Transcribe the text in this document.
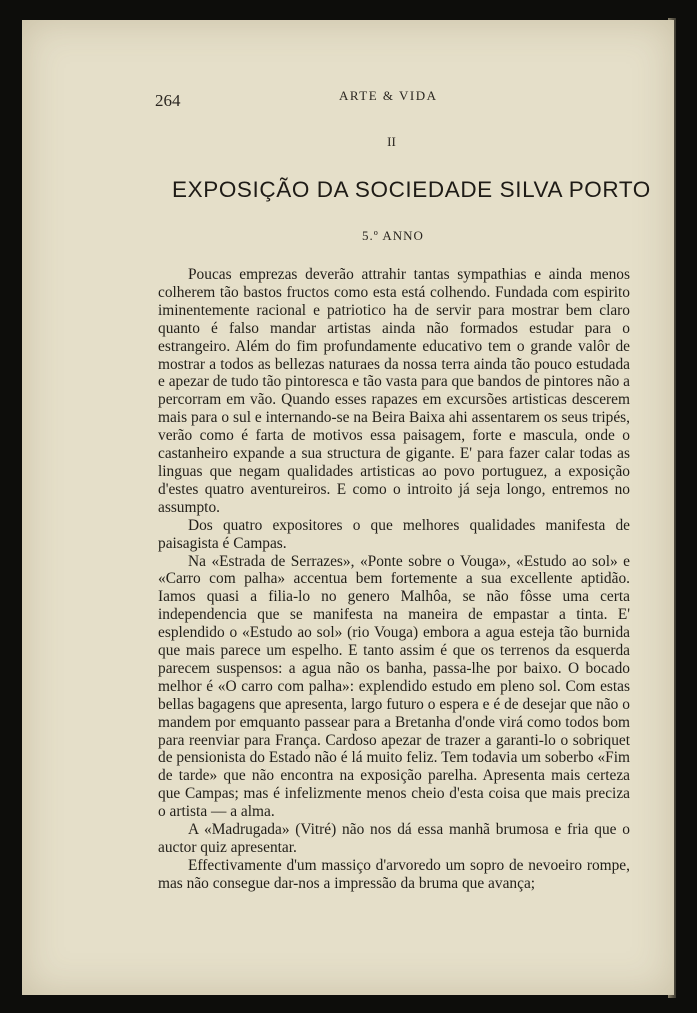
264	ARTE & VIDA
II
EXPOSIÇÃO DA SOCIEDADE SILVA PORTO
5.º ANNO

Poucas emprezas deverão attrahir tantas sympathias e ainda menos colherem tão bastos fructos como esta está colhendo. Fundada com espirito iminentemente racional e patriotico ha de servir para mostrar bem claro quanto é falso mandar artistas ainda não formados estudar para o estrangeiro. Além do fim profundamente educativo tem o grande valôr de mostrar a todos as bellezas naturaes da nossa terra ainda tão pouco estudada e apezar de tudo tão pintoresca e tão vasta para que bandos de pintores não a percorram em vão. Quando esses rapazes em excursões artisticas descerem mais para o sul e internando-se na Beira Baixa ahi assentarem os seus tripés, verão como é farta de motivos essa paisagem, forte e mascula, onde o castanheiro expande a sua structura de gigante. E' para fazer calar todas as linguas que negam qualidades artisticas ao povo portuguez, a exposição d'estes quatro aventureiros. E como o introito já seja longo, entremos no assumpto.

Dos quatro expositores o que melhores qualidades manifesta de paisagista é Campas.

Na «Estrada de Serrazes», «Ponte sobre o Vouga», «Estudo ao sol» e «Carro com palha» accentua bem fortemente a sua excellente aptidão. Iamos quasi a filia-lo no genero Malhôa, se não fôsse uma certa independencia que se manifesta na maneira de empastar a tinta. E' esplendido o «Estudo ao sol» (rio Vouga) embora a agua esteja tão burnida que mais parece um espelho. E tanto assim é que os terrenos da esquerda parecem suspensos: a agua não os banha, passa-lhe por baixo. O bocado melhor é «O carro com palha»: explendido estudo em pleno sol. Com estas bellas bagagens que apresenta, largo futuro o espera e é de desejar que não o mandem por emquanto passear para a Bretanha d'onde virá como todos bom para reenviar para França. Cardoso apezar de trazer a garanti-lo o sobriquet de pensionista do Estado não é lá muito feliz. Tem todavia um soberbo «Fim de tarde» que não encontra na exposição parelha. Apresenta mais certeza que Campas; mas é infelizmente menos cheio d'esta coisa que mais preciza o artista — a alma.

A «Madrugada» (Vitré) não nos dá essa manhã brumosa e fria que o auctor quiz apresentar.

Effectivamente d'um massiço d'arvoredo um sopro de nevoeiro rompe, mas não consegue dar-nos a impressão da bruma que avança;
